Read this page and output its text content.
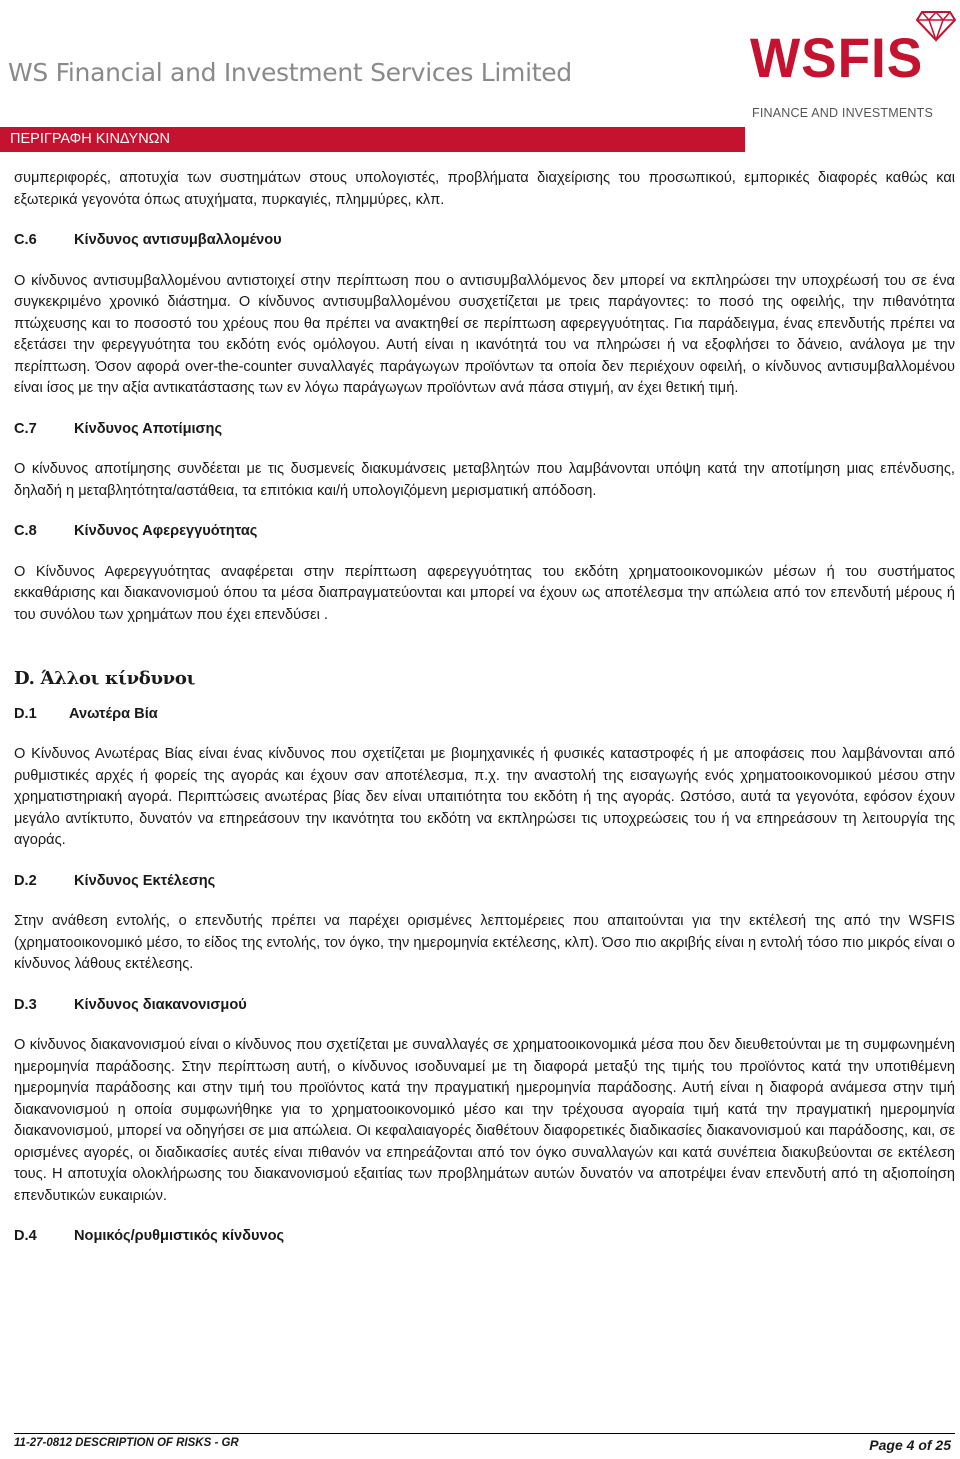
WS Financial and Investment Services Limited	WSFIS
FINANCE AND INVESTMENTS
ΠΕΡΙΓΡΑΦΗ ΚΙΝΔΥΝΩΝ

συμπεριφορές, αποτυχία των συστημάτων στους υπολογιστές, προβλήματα διαχείρισης του προσωπικού, εμπορικές διαφορές καθώς και εξωτερικά γεγονότα όπως ατυχήματα, πυρκαγιές, πλημμύρες, κλπ.

C.6	Κίνδυνος αντισυμβαλλομένου

Ο κίνδυνος αντισυμβαλλομένου αντιστοιχεί στην περίπτωση που ο αντισυμβαλλόμενος δεν μπορεί να εκπληρώσει την υποχρέωσή του σε ένα συγκεκριμένο χρονικό διάστημα. Ο κίνδυνος αντισυμβαλλομένου συσχετίζεται με τρεις παράγοντες: το ποσό της οφειλής, την πιθανότητα πτώχευσης και το ποσοστό του χρέους που θα πρέπει να ανακτηθεί σε περίπτωση αφερεγγυότητας. Για παράδειγμα, ένας επενδυτής πρέπει να εξετάσει την φερεγγυότητα του εκδότη ενός ομόλογου. Αυτή είναι η ικανότητά του να πληρώσει ή να εξοφλήσει το δάνειο, ανάλογα με την περίπτωση. Όσον αφορά over-the-counter συναλλαγές παράγωγων προϊόντων τα οποία δεν περιέχουν οφειλή, ο κίνδυνος αντισυμβαλλομένου είναι ίσος με την αξία αντικατάστασης των εν λόγω παράγωγων προϊόντων ανά πάσα στιγμή, αν έχει θετική τιμή.

C.7	Κίνδυνος Αποτίμισης

Ο κίνδυνος αποτίμησης συνδέεται με τις δυσμενείς διακυμάνσεις μεταβλητών που λαμβάνονται υπόψη κατά την αποτίμηση μιας επένδυσης, δηλαδή η μεταβλητότητα/αστάθεια, τα επιτόκια και/ή υπολογιζόμενη μερισματική απόδοση.

C.8	Κίνδυνος Αφερεγγυότητας

Ο Κίνδυνος Αφερεγγυότητας αναφέρεται στην περίπτωση αφερεγγυότητας του εκδότη χρηματοοικονομικών μέσων ή του συστήματος εκκαθάρισης και διακανονισμού όπου τα μέσα διαπραγματεύονται και μπορεί να έχουν ως αποτέλεσμα την απώλεια από τον επενδυτή μέρους ή του συνόλου των χρημάτων που έχει επενδύσει .

D. Άλλοι κίνδυνοι
D.1	Ανωτέρα Βία

Ο Κίνδυνος Ανωτέρας Βίας είναι ένας κίνδυνος που σχετίζεται με βιομηχανικές ή φυσικές καταστροφές ή με αποφάσεις που λαμβάνονται από ρυθμιστικές αρχές ή φορείς της αγοράς και έχουν σαν αποτέλεσμα, π.χ. την αναστολή της εισαγωγής ενός χρηματοοικονομικού μέσου στην χρηματιστηριακή αγορά. Περιπτώσεις ανωτέρας βίας δεν είναι υπαιτιότητα του εκδότη ή της αγοράς. Ωστόσο, αυτά τα γεγονότα, εφόσον έχουν μεγάλο αντίκτυπο, δυνατόν να επηρεάσουν την ικανότητα του εκδότη να εκπληρώσει τις υποχρεώσεις του ή να επηρεάσουν τη λειτουργία της αγοράς.

D.2	Κίνδυνος Εκτέλεσης

Στην ανάθεση εντολής, ο επενδυτής πρέπει να παρέχει ορισμένες λεπτομέρειες που απαιτούνται για την εκτέλεσή της από την WSFIS (χρηματοοικονομικό μέσο, το είδος της εντολής, τον όγκο, την ημερομηνία εκτέλεσης, κλπ). Όσο πιο ακριβής είναι η εντολή τόσο πιο μικρός είναι ο κίνδυνος λάθους εκτέλεσης.

D.3	Κίνδυνος διακανονισμού

Ο κίνδυνος διακανονισμού είναι ο κίνδυνος που σχετίζεται με συναλλαγές σε χρηματοοικονομικά μέσα που δεν διευθετούνται με τη συμφωνημένη ημερομηνία παράδοσης. Στην περίπτωση αυτή, ο κίνδυνος ισοδυναμεί με τη διαφορά μεταξύ της τιμής του προϊόντος κατά την υποτιθέμενη ημερομηνία παράδοσης και στην τιμή του προϊόντος κατά την πραγματική ημερομηνία παράδοσης. Αυτή είναι η διαφορά ανάμεσα στην τιμή διακανονισμού η οποία συμφωνήθηκε για το χρηματοοικονομικό μέσο και την τρέχουσα αγοραία τιμή κατά την πραγματική ημερομηνία διακανονισμού, μπορεί να οδηγήσει σε μια απώλεια. Οι κεφαλαιαγορές διαθέτουν διαφορετικές διαδικασίες διακανονισμού και παράδοσης, και, σε ορισμένες αγορές, οι διαδικασίες αυτές είναι πιθανόν να επηρεάζονται από τον όγκο συναλλαγών και κατά συνέπεια διακυβεύονται σε εκτέλεση τους. Η αποτυχία ολοκλήρωσης του διακανονισμού εξαιτίας των προβλημάτων αυτών δυνατόν να αποτρέψει έναν επενδυτή από τη αξιοποίηση επενδυτικών ευκαιριών.

D.4	Νομικός/ρυθμιστικός κίνδυνος
11-27-0812 DESCRIPTION OF RISKS - GR	Page 4 of 25
